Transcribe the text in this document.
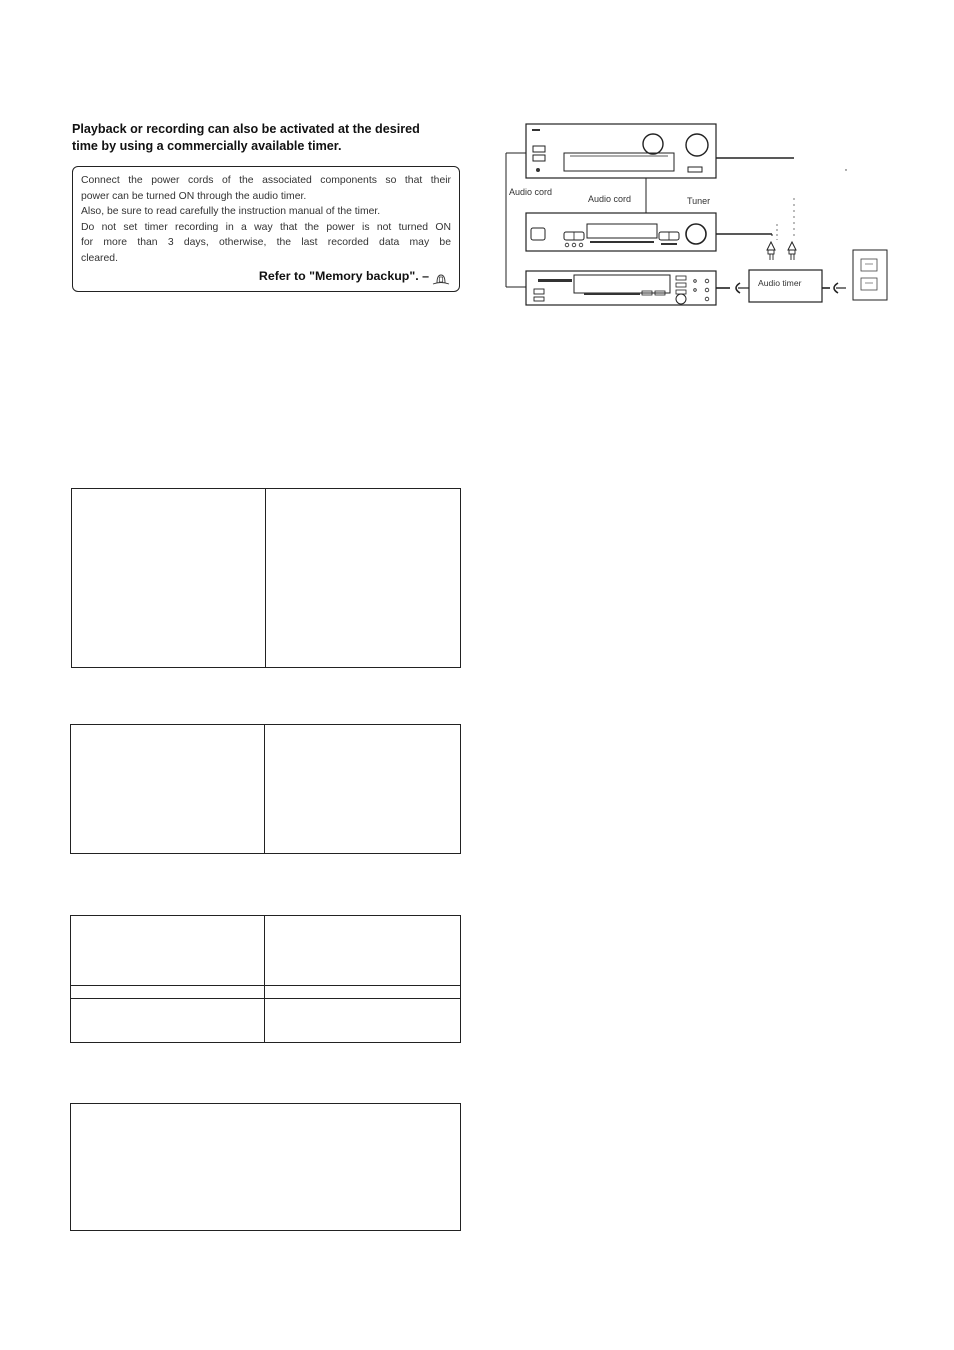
Playback or recording can also be activated at the desired
time by using a commercially available timer.
Connect the power cords of the associated components so that their
power can be turned ON through the audio timer.
Also, be sure to read carefully the instruction manual of the timer.
Do not set timer recording in a way that the power is not turned ON
for more than 3 days, otherwise, the last recorded data may be
cleared.
Refer to "Memory backup". –
Audio cord
Audio cord	Tuner
Audio timer
